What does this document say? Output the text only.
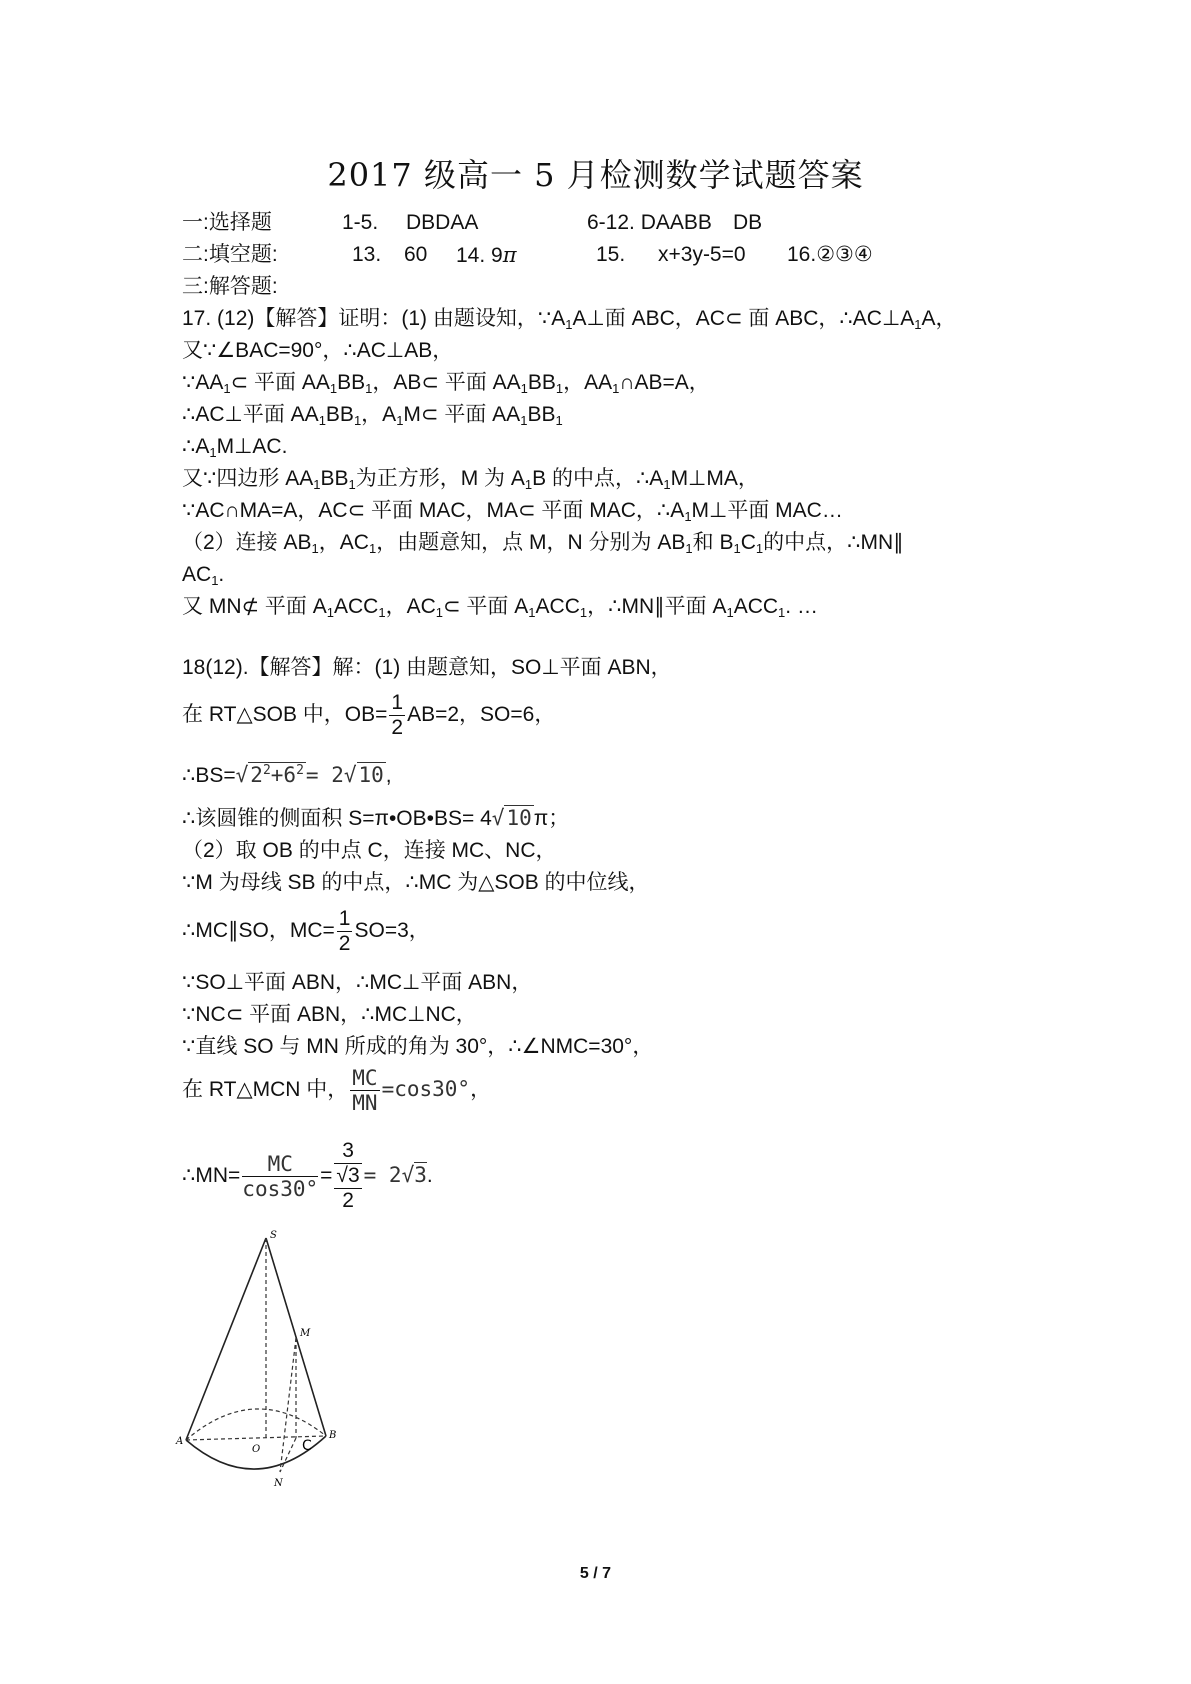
2017 级高一 5 月检测数学试题答案
一:选择题	1-5. DBDAA	6-12. DAABB DB
二:填空题:	13. 60 14. 9π	15. x+3y-5=0 16.②③④
三:解答题:
17. (12)【解答】证明：(1) 由题设知，$\because A_1A\perp$面 ABC，AC⊂ 面 ABC，$\therefore AC\perp A_1A$，
又∵∠BAC=90°，∴AC⊥AB，
$\because AA_1\subset$ 平面 $AA_1BB_1$，AB⊂ 平面 $AA_1BB_1$，$AA_1\cap AB=A$，
∴AC⊥平面 $AA_1BB_1$，$A_1M\subset$ 平面 $AA_1BB_1$
$\therefore A_1M\perp AC$.
又∵四边形 $AA_1BB_1$为正方形，M 为 $A_1B$ 的中点，$\therefore A_1M\perp MA$，
∵AC∩MA=A，AC⊂ 平面 MAC，MA⊂ 平面 MAC，$\therefore A_1M\perp$平面 MAC…
（2）连接 $AB_1$，$AC_1$，由题意知，点 M，N 分别为 $AB_1$和 $B_1C_1$的中点，∴MN∥
$AC_1$.
又 MN⊄ 平面 $A_1ACC_1$，$AC_1\subset$ 平面 $A_1ACC_1$，∴MN∥平面 $A_1ACC_1$. …
18(12).【解答】解：(1) 由题意知，SO⊥平面 ABN，
在 RT△SOB 中，$OB= \frac{1}{2} AB=2$，SO=6，
$\therefore BS=√2^2+6^2= 2√10$,
∴该圆锥的侧面积 S=π•OB•BS= 4√10π；
（2）取 OB 的中点 C，连接 MC、NC，
∵M 为母线 SB 的中点，∴MC 为△SOB 的中位线，
∴MC∥SO，$MC= \frac{1}{2} SO=3$，
∵SO⊥平面 ABN，∴MC⊥平面 ABN，
∵NC⊂ 平面 ABN，∴MC⊥NC，
∵直线 SO 与 MN 所成的角为 30°，∴∠NMC=30°，
在 RT△MCN 中， $\frac{MC}{MN} =\cos 30^\circ$，
∴MN= $\frac{MC}{\cos 30^\circ}$ =
3
√3
2
= 2√3.
S
M
A
O	C
B
N
5 / 7
